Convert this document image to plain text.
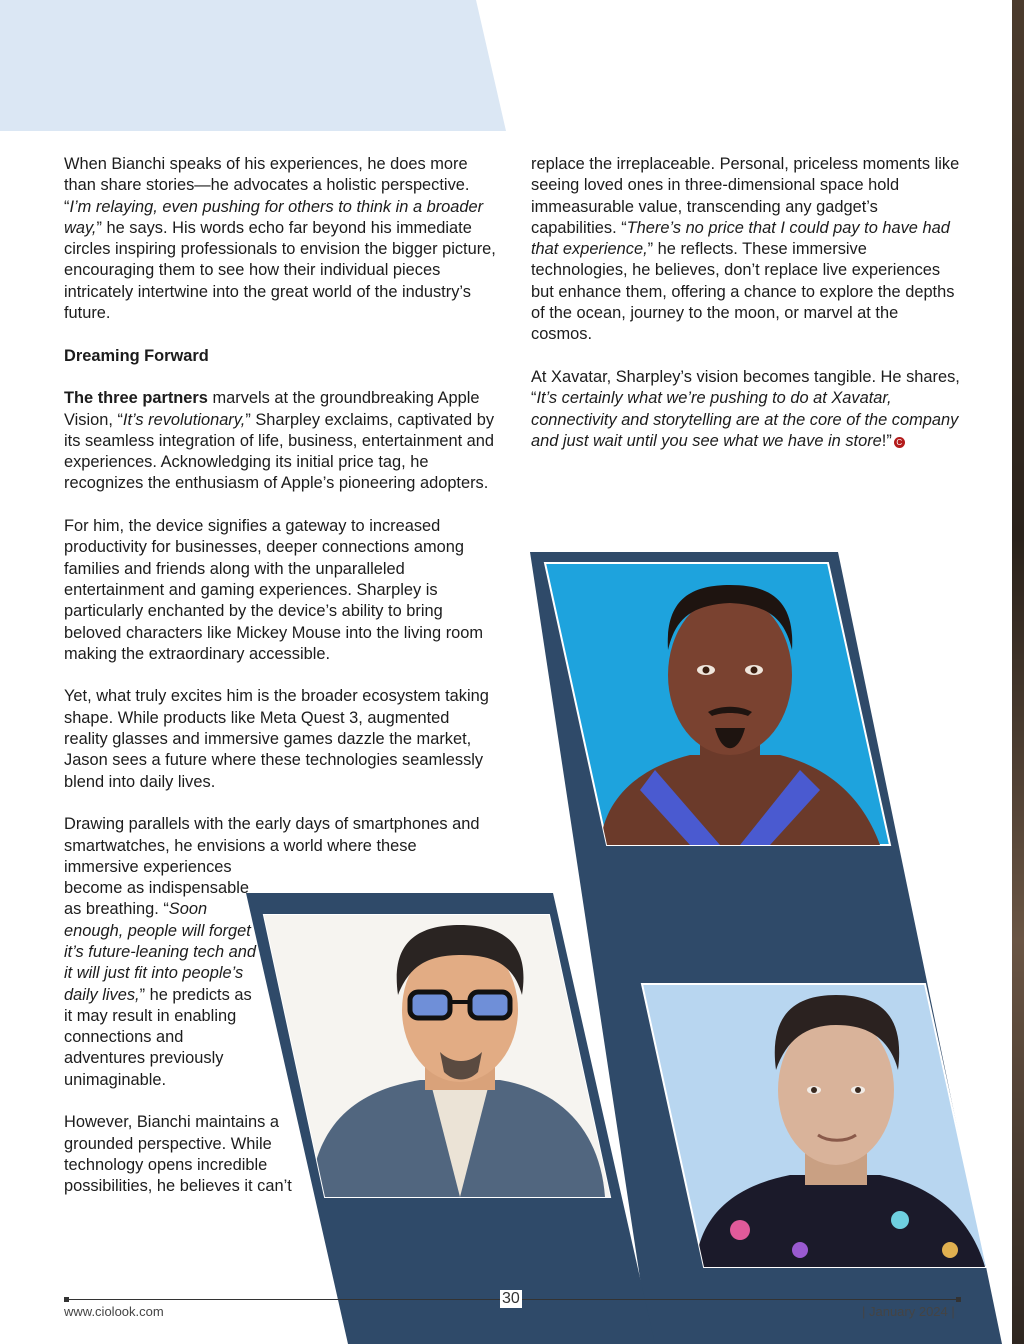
When Bianchi speaks of his experiences, he does more than share stories—he advocates a holistic perspective. “I’m relaying, even pushing for others to think in a broader way,” he says. His words echo far beyond his immediate circles inspiring professionals to envision the bigger picture, encouraging them to see how their individual pieces intricately intertwine into the great world of the industry’s future.

Dreaming Forward

The three partners marvels at the groundbreaking Apple Vision, “It’s revolutionary,” Sharpley exclaims, captivated by its seamless integration of life, business, entertainment and experiences. Acknowledging its initial price tag, he recognizes the enthusiasm of Apple’s pioneering adopters.

For him, the device signifies a gateway to increased productivity for businesses, deeper connections among families and friends along with the unparalleled entertainment and gaming experiences. Sharpley is particularly enchanted by the device’s ability to bring beloved characters like Mickey Mouse into the living room making the extraordinary accessible.

Yet, what truly excites him is the broader ecosystem taking shape. While products like Meta Quest 3, augmented reality glasses and immersive games dazzle the market, Jason sees a future where these technologies seamlessly blend into daily lives.

Drawing parallels with the early days of smartphones and smartwatches, he envisions a world where these
immersive experiences become as indispensable as breathing. “Soon enough, people will forget it’s future-leaning tech and it will just fit into people’s daily lives,” he predicts as it may result in enabling connections and adventures previously unimaginable.

However, Bianchi maintains a grounded perspective. While technology opens incredible possibilities, he believes it can’t

replace the irreplaceable. Personal, priceless moments like seeing loved ones in three-dimensional space hold immeasurable value, transcending any gadget’s capabilities. “There’s no price that I could pay to have had that experience,” he reflects. These immersive technologies, he believes, don’t replace live experiences but enhance them, offering a chance to explore the depths of the ocean, journey to the moon, or marvel at the cosmos.

At Xavatar, Sharpley’s vision becomes tangible. He shares, “It’s certainly what we’re pushing to do at Xavatar, connectivity and storytelling are at the core of the company and just wait until you see what we have in store!” C

30
www.ciolook.com	| January 2024 |
